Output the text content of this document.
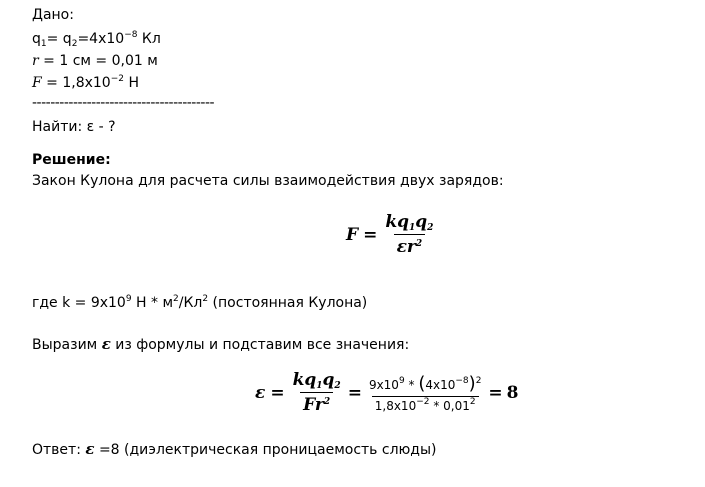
Дано:
$q_1= q_2=4x10^{-8}$ Кл
r = 1 см = 0,01 м
$F = 1,8x10^{-2}$ Н
----------------------------------------
Найти: ε - ?
Решение:
Закон Кулона для расчета силы взаимодействия двух зарядов:
$F = \frac{kq_1q_2}{\varepsilon r^2}$
где $k = 9x10^9$ Н * $м^2/Кл^2$ (постоянная Кулона)
Выразим ε из формулы и подставим все значения:
$\varepsilon = \frac{kq_1q_2}{Fr^2} = \frac{9x10^9 * (4x10^{-8})^2}{1,8x10^{-2} * 0,01^2} = 8$
Ответ: ε =8 (диэлектрическая проницаемость слюды)
